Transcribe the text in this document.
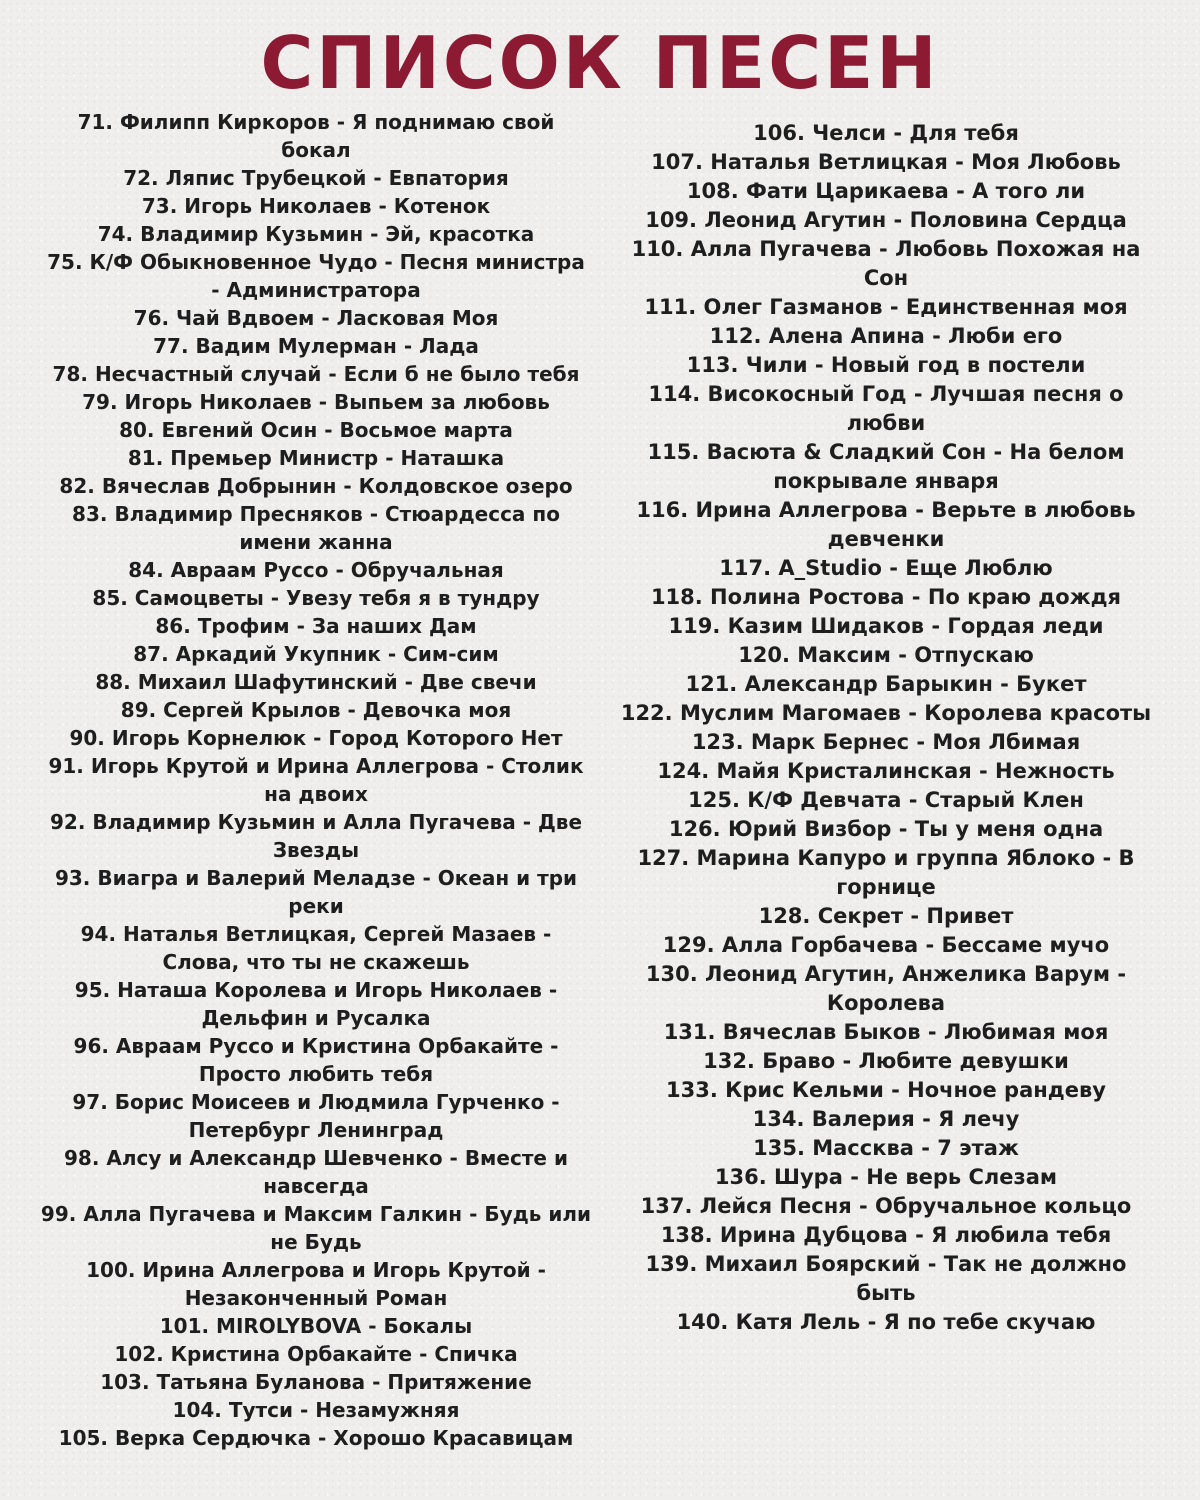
СПИСОК ПЕСЕН
71. Филипп Киркоров - Я поднимаю свой бокал
72. Ляпис Трубецкой - Евпатория
73. Игорь Николаев - Котенок
74. Владимир Кузьмин - Эй, красотка
75. К/Ф Обыкновенное Чудо - Песня министра - Администратора
76. Чай Вдвоем - Ласковая Моя
77. Вадим Мулерман - Лада
78. Несчастный случай - Если б не было тебя
79. Игорь Николаев - Выпьем за любовь
80. Евгений Осин - Восьмое марта
81. Премьер Министр - Наташка
82. Вячеслав Добрынин - Колдовское озеро
83. Владимир Пресняков - Стюардесса по имени жанна
84. Авраам Руссо - Обручальная
85. Самоцветы - Увезу тебя я в тундру
86. Трофим - За наших Дам
87. Аркадий Укупник - Сим-сим
88. Михаил Шафутинский - Две свечи
89. Сергей Крылов - Девочка моя
90. Игорь Корнелюк - Город Которого Нет
91. Игорь Крутой и Ирина Аллегрова - Столик на двоих
92. Владимир Кузьмин и Алла Пугачева - Две Звезды
93. Виагра и Валерий Меладзе - Океан и три реки
94. Наталья Ветлицкая, Сергей Мазаев - Слова, что ты не скажешь
95. Наташа Королева и Игорь Николаев - Дельфин и Русалка
96. Авраам Руссо и Кристина Орбакайте - Просто любить тебя
97. Борис Моисеев и Людмила Гурченко - Петербург Ленинград
98. Алсу и Александр Шевченко - Вместе и навсегда
99. Алла Пугачева и Максим Галкин - Будь или не Будь
100. Ирина Аллегрова и Игорь Крутой - Незаконченный Роман
101. MIROLYBOVA - Бокалы
102. Кристина Орбакайте - Спичка
103. Татьяна Буланова - Притяжение
104. Тутси - Незамужняя
105. Верка Сердючка - Хорошо Красавицам
106. Челси - Для тебя
107. Наталья Ветлицкая - Моя Любовь
108. Фати Царикаева - А того ли
109. Леонид Агутин - Половина Сердца
110. Алла Пугачева - Любовь Похожая на Сон
111. Олег Газманов - Единственная моя
112. Алена Апина - Люби его
113. Чили - Новый год в постели
114. Високосный Год - Лучшая песня о любви
115. Васюта & Сладкий Сон - На белом покрывале января
116. Ирина Аллегрова - Верьте в любовь девченки
117. A_Studio - Еще Люблю
118. Полина Ростова - По краю дождя
119. Казим Шидаков - Гордая леди
120. Максим - Отпускаю
121. Александр Барыкин - Букет
122. Муслим Магомаев - Королева красоты
123. Марк Бернес - Моя Лбимая
124. Майя Кристалинская - Нежность
125. К/Ф Девчата - Старый Клен
126. Юрий Визбор - Ты у меня одна
127. Марина Капуро и группа Яблоко - В горнице
128. Секрет - Привет
129. Алла Горбачева - Бессаме мучо
130. Леонид Агутин, Анжелика Варум - Королева
131. Вячеслав Быков - Любимая моя
132. Браво - Любите девушки
133. Крис Кельми - Ночное рандеву
134. Валерия - Я лечу
135. Массква - 7 этаж
136. Шура - Не верь Слезам
137. Лейся Песня - Обручальное кольцо
138. Ирина Дубцова - Я любила тебя
139. Михаил Боярский - Так не должно быть
140. Катя Лель - Я по тебе скучаю
